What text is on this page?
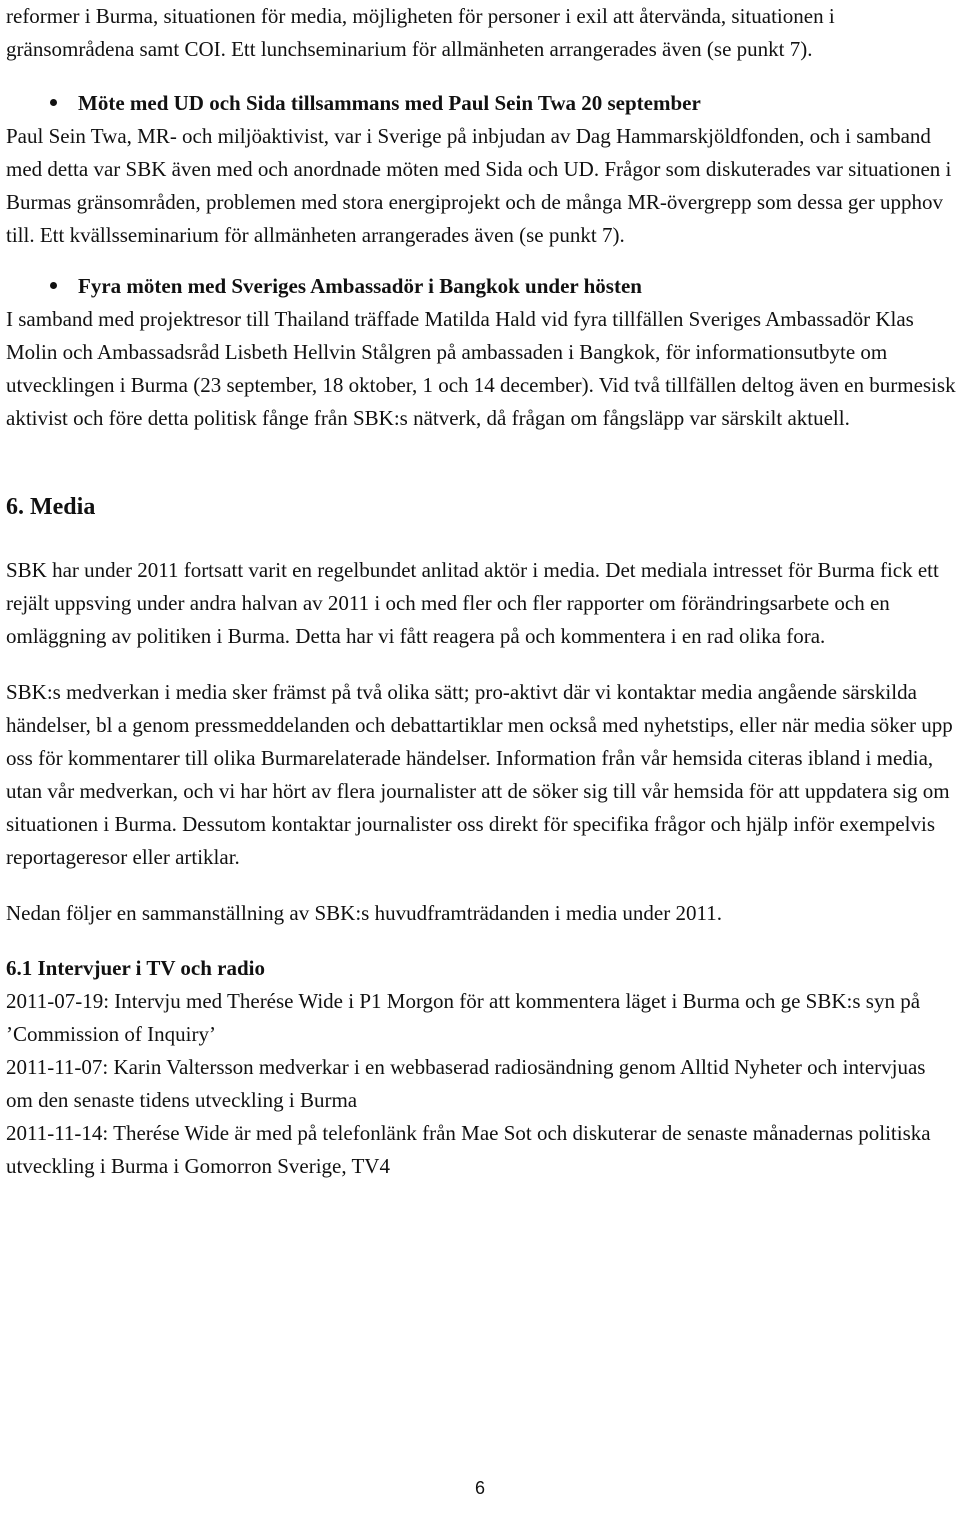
reformer i Burma, situationen för media, möjligheten för personer i exil att återvända, situationen i gränsområdena samt COI. Ett lunchseminarium för allmänheten arrangerades även (se punkt 7).

Möte med UD och Sida tillsammans med Paul Sein Twa 20 september

Paul Sein Twa, MR- och miljöaktivist, var i Sverige på inbjudan av Dag Hammarskjöldfonden, och i samband med detta var SBK även med och anordnade möten med Sida och UD. Frågor som diskuterades var situationen i Burmas gränsområden, problemen med stora energiprojekt och de många MR-övergrepp som dessa ger upphov till. Ett kvällsseminarium för allmänheten arrangerades även (se punkt 7).

Fyra möten med Sveriges Ambassadör i Bangkok under hösten

I samband med projektresor till Thailand träffade Matilda Hald vid fyra tillfällen Sveriges Ambassadör Klas Molin och Ambassadsråd Lisbeth Hellvin Stålgren på ambassaden i Bangkok, för informationsutbyte om utvecklingen i Burma (23 september, 18 oktober, 1 och 14 december). Vid två tillfällen deltog även en burmesisk aktivist och före detta politisk fånge från SBK:s nätverk, då frågan om fångsläpp var särskilt aktuell.

6. Media

SBK har under 2011 fortsatt varit en regelbundet anlitad aktör i media. Det mediala intresset för Burma fick ett rejält uppsving under andra halvan av 2011 i och med fler och fler rapporter om förändringsarbete och en omläggning av politiken i Burma. Detta har vi fått reagera på och kommentera i en rad olika fora.

SBK:s medverkan i media sker främst på två olika sätt; pro-aktivt där vi kontaktar media angående särskilda händelser, bl a genom pressmeddelanden och debattartiklar men också med nyhetstips, eller när media söker upp oss för kommentarer till olika Burmarelaterade händelser. Information från vår hemsida citeras ibland i media, utan vår medverkan, och vi har hört av flera journalister att de söker sig till vår hemsida för att uppdatera sig om situationen i Burma. Dessutom kontaktar journalister oss direkt för specifika frågor och hjälp inför exempelvis reportageresor eller artiklar.

Nedan följer en sammanställning av SBK:s huvudframträdanden i media under 2011.

6.1 Intervjuer i TV och radio

2011-07-19: Intervju med Therése Wide i P1 Morgon för att kommentera läget i Burma och ge SBK:s syn på ’Commission of Inquiry’

2011-11-07: Karin Valtersson medverkar i en webbaserad radiosändning genom Alltid Nyheter och intervjuas om den senaste tidens utveckling i Burma

2011-11-14: Therése Wide är med på telefonlänk från Mae Sot och diskuterar de senaste månadernas politiska utveckling i Burma i Gomorron Sverige, TV4

6
